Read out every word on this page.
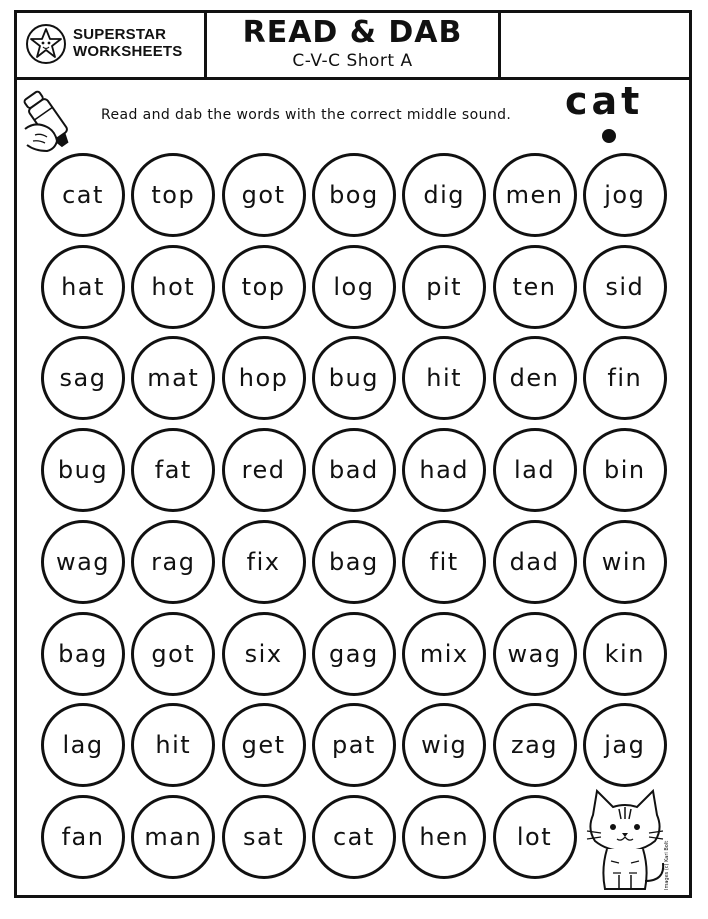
SUPERSTAR
WORKSHEETS
READ & DAB
C-V-C Short A
Read and dab the words with the correct middle sound. cat
cat	top	got	bog	dig	men	jog
hat	hot	top	log	pit	ten	sid
sag	mat	hop	bug	hit	den	fin
bug	fat	red	bad	had	lad	bin
wag	rag	fix	bag	fit	dad	win
bag	got	six	gag	mix	wag	kin
lag	hit	get	pat	wig	zag	jag
fan	man	sat	cat	hen	lot
Images (c) Kari Bolt
